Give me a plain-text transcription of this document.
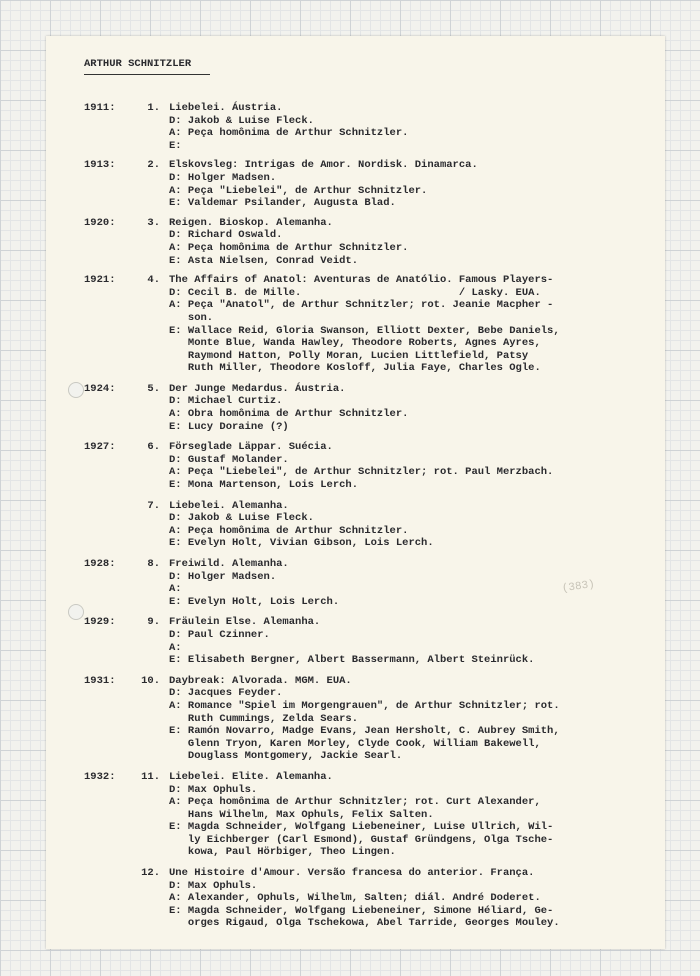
ARTHUR SCHNITZLER
(383)
1911:	1. Liebelei. Áustria.
D: Jakob & Luise Fleck.
A: Peça homônima de Arthur Schnitzler.
E:
1913:	2. Elskovsleg: Intrigas de Amor. Nordisk. Dinamarca.
D: Holger Madsen.
A: Peça "Liebelei", de Arthur Schnitzler.
E: Valdemar Psilander, Augusta Blad.
1920:	3. Reigen. Bioskop. Alemanha.
D: Richard Oswald.
A: Peça homônima de Arthur Schnitzler.
E: Asta Nielsen, Conrad Veidt.
1921:	4. The Affairs of Anatol: Aventuras de Anatólio. Famous Players-
D: Cecil B. de Mille.                         / Lasky. EUA.
A: Peça "Anatol", de Arthur Schnitzler; rot. Jeanie Macpher -
son.
E: Wallace Reid, Gloria Swanson, Elliott Dexter, Bebe Daniels,
Monte Blue, Wanda Hawley, Theodore Roberts, Agnes Ayres,
Raymond Hatton, Polly Moran, Lucien Littlefield, Patsy
Ruth Miller, Theodore Kosloff, Julia Faye, Charles Ogle.
1924:	5. Der Junge Medardus. Áustria.
D: Michael Curtiz.
A: Obra homônima de Arthur Schnitzler.
E: Lucy Doraine (?)
1927:	6. Förseglade Läppar. Suécia.
D: Gustaf Molander.
A: Peça "Liebelei", de Arthur Schnitzler; rot. Paul Merzbach.
E: Mona Martenson, Lois Lerch.
7. Liebelei. Alemanha.
D: Jakob & Luise Fleck.
A: Peça homônima de Arthur Schnitzler.
E: Evelyn Holt, Vivian Gibson, Lois Lerch.
1928:	8. Freiwild. Alemanha.
D: Holger Madsen.
A:
E: Evelyn Holt, Lois Lerch.
1929:	9. Fräulein Else. Alemanha.
D: Paul Czinner.
A:
E: Elisabeth Bergner, Albert Bassermann, Albert Steinrück.
1931:	10. Daybreak: Alvorada. MGM. EUA.
D: Jacques Feyder.
A: Romance "Spiel im Morgengrauen", de Arthur Schnitzler; rot.
Ruth Cummings, Zelda Sears.
E: Ramón Novarro, Madge Evans, Jean Hersholt, C. Aubrey Smith,
Glenn Tryon, Karen Morley, Clyde Cook, William Bakewell,
Douglass Montgomery, Jackie Searl.
1932:	11. Liebelei. Elite. Alemanha.
D: Max Ophuls.
A: Peça homônima de Arthur Schnitzler; rot. Curt Alexander,
Hans Wilhelm, Max Ophuls, Felix Salten.
E: Magda Schneider, Wolfgang Liebeneiner, Luise Ullrich, Wil-
ly Eichberger (Carl Esmond), Gustaf Gründgens, Olga Tsche-
kowa, Paul Hörbiger, Theo Lingen.
12. Une Histoire d'Amour. Versão francesa do anterior. França.
D: Max Ophuls.
A: Alexander, Ophuls, Wilhelm, Salten; diál. André Doderet.
E: Magda Schneider, Wolfgang Liebeneiner, Simone Héliard, Ge-
orges Rigaud, Olga Tschekowa, Abel Tarride, Georges Mouley.
